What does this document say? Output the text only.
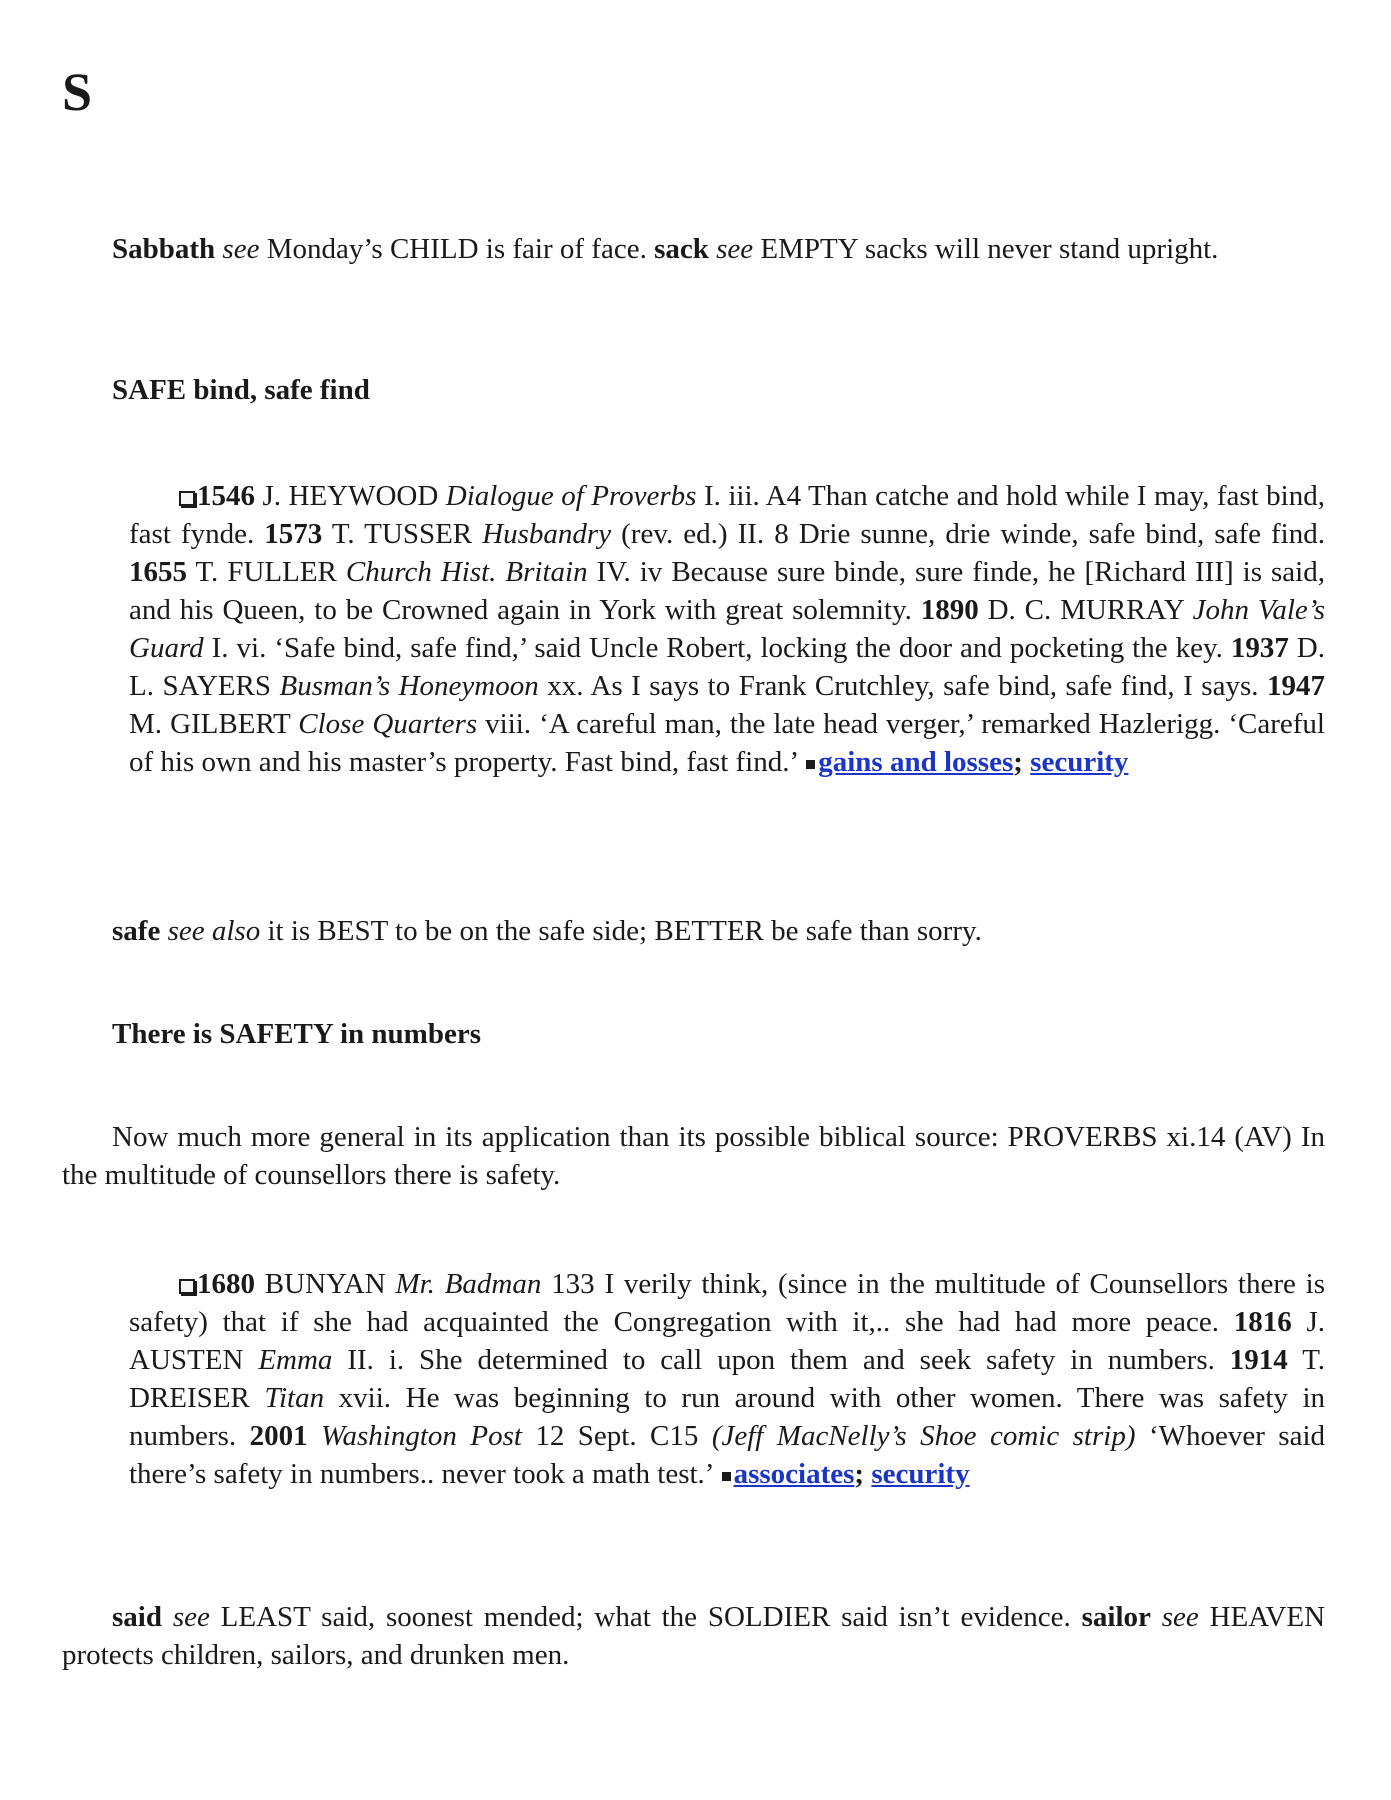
S

Sabbath see Monday’s CHILD is fair of face. sack see EMPTY sacks will never stand upright.

SAFE bind, safe find

1546 J. HEYWOOD Dialogue of Proverbs I. iii. A4 Than catche and hold while I may, fast bind, fast fynde. 1573 T. TUSSER Husbandry (rev. ed.) II. 8 Drie sunne, drie winde, safe bind, safe find. 1655 T. FULLER Church Hist. Britain IV. iv Because sure binde, sure finde, he [Richard III] is said, and his Queen, to be Crowned again in York with great solemnity. 1890 D. C. MURRAY John Vale’s Guard I. vi. ‘Safe bind, safe find,’ said Uncle Robert, locking the door and pocketing the key. 1937 D. L. SAYERS Busman’s Honeymoon xx. As I says to Frank Crutchley, safe bind, safe find, I says. 1947 M. GILBERT Close Quarters viii. ‘A careful man, the late head verger,’ remarked Hazlerigg. ‘Careful of his own and his master’s property. Fast bind, fast find.’ gains and losses; security

safe see also it is BEST to be on the safe side; BETTER be safe than sorry.

There is SAFETY in numbers

Now much more general in its application than its possible biblical source: PROVERBS xi.14 (AV) In the multitude of counsellors there is safety.

1680 BUNYAN Mr. Badman 133 I verily think, (since in the multitude of Counsellors there is safety) that if she had acquainted the Congregation with it,.. she had had more peace. 1816 J. AUSTEN Emma II. i. She determined to call upon them and seek safety in numbers. 1914 T. DREISER Titan xvii. He was beginning to run around with other women. There was safety in numbers. 2001 Washington Post 12 Sept. C15 (Jeff MacNelly’s Shoe comic strip) ‘Whoever said there’s safety in numbers.. never took a math test.’ associates; security

said see LEAST said, soonest mended; what the SOLDIER said isn’t evidence. sailor see HEAVEN protects children, sailors, and drunken men.
